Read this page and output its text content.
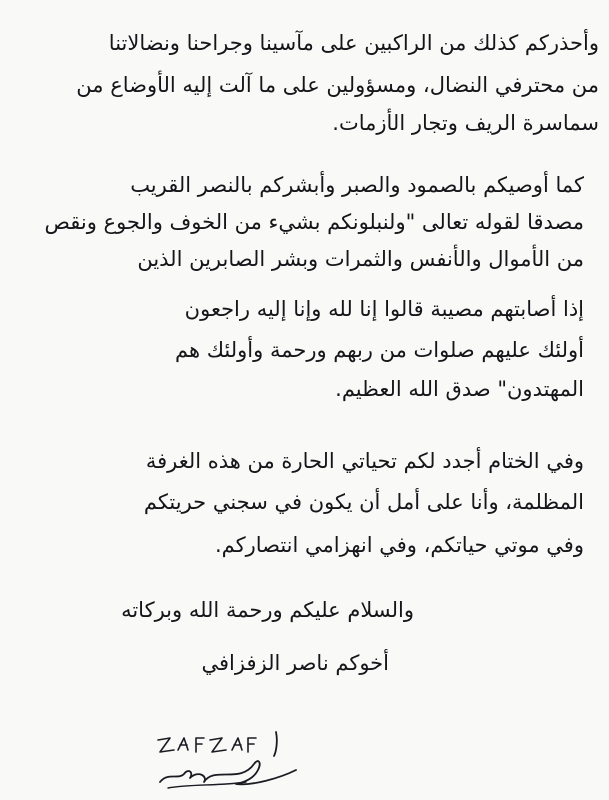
وأحذركم كذلك من الراكبين على مآسينا وجراحنا ونضالاتنا
من محترفي النضال، ومسؤولين على ما آلت إليه الأوضاع من
سماسرة الريف وتجار الأزمات.
كما أوصيكم بالصمود والصبر وأبشركم بالنصر القريب
مصدقا لقوله تعالى "ولنبلونكم بشيء من الخوف والجوع ونقص
من الأموال والأنفس والثمرات وبشر الصابرين الذين
إذا أصابتهم مصيبة قالوا إنا لله وإنا إليه راجعون
أولئك عليهم صلوات من ربهم ورحمة وأولئك هم
المهتدون" صدق الله العظيم.
وفي الختام أجدد لكم تحياتي الحارة من هذه الغرفة
المظلمة، وأنا على أمل أن يكون في سجني حريتكم
وفي موتي حياتكم، وفي انهزامي انتصاركم.
والسلام عليكم ورحمة الله وبركاته
أخوكم ناصر الزفزافي
